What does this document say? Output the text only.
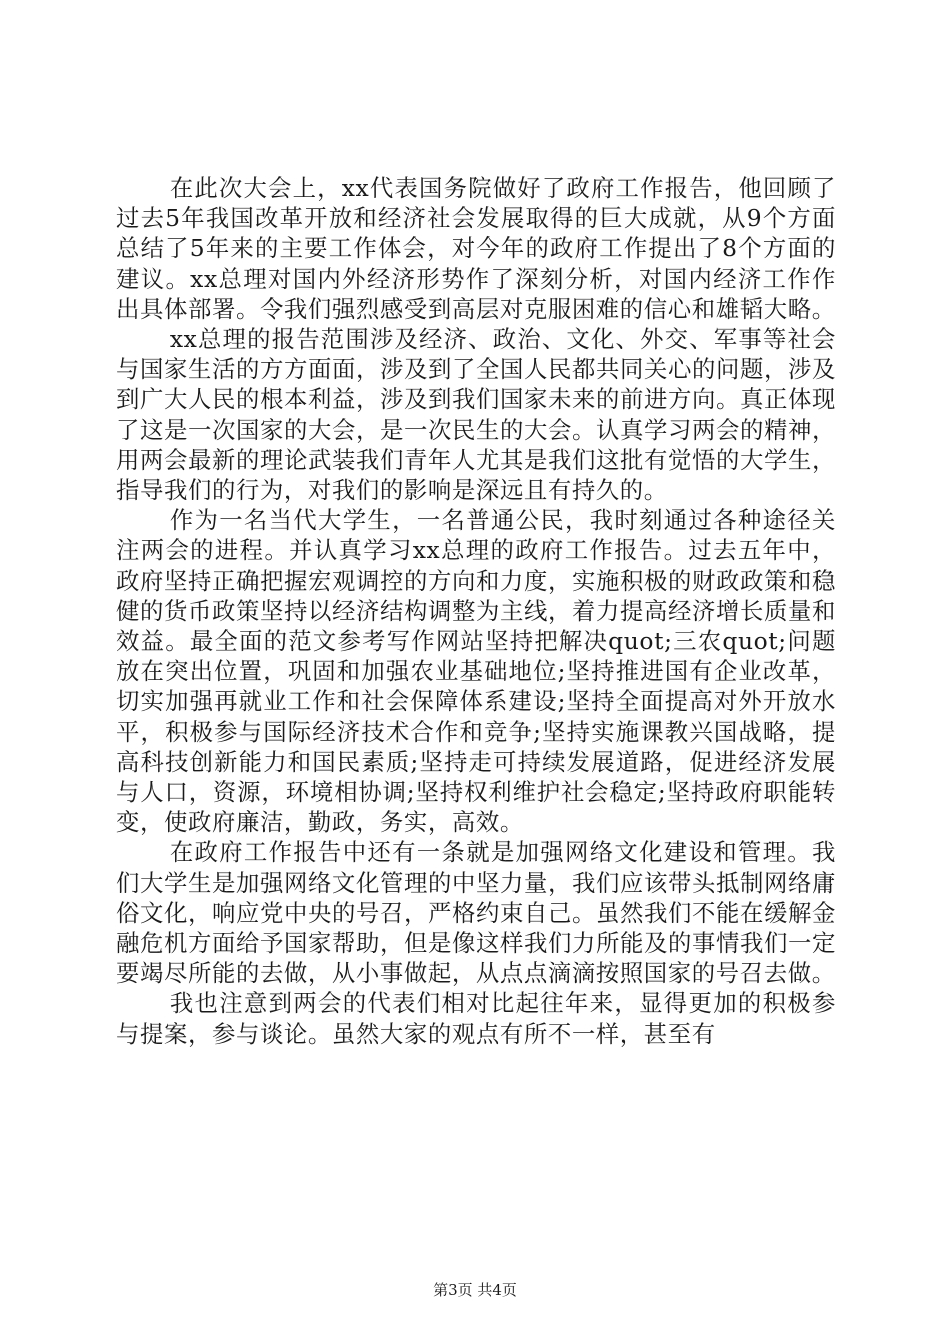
在此次大会上，xx代表国务院做好了政府工作报告，他回顾了过去5年我国改革开放和经济社会发展取得的巨大成就，从9个方面总结了5年来的主要工作体会，对今年的政府工作提出了8个方面的建议。xx总理对国内外经济形势作了深刻分析，对国内经济工作作出具体部署。令我们强烈感受到高层对克服困难的信心和雄韬大略。

xx总理的报告范围涉及经济、政治、文化、外交、军事等社会与国家生活的方方面面，涉及到了全国人民都共同关心的问题，涉及到广大人民的根本利益，涉及到我们国家未来的前进方向。真正体现了这是一次国家的大会，是一次民生的大会。认真学习两会的精神，用两会最新的理论武装我们青年人尤其是我们这批有觉悟的大学生，指导我们的行为，对我们的影响是深远且有持久的。

作为一名当代大学生，一名普通公民，我时刻通过各种途径关注两会的进程。并认真学习xx总理的政府工作报告。过去五年中，政府坚持正确把握宏观调控的方向和力度，实施积极的财政政策和稳健的货币政策坚持以经济结构调整为主线，着力提高经济增长质量和效益。最全面的范文参考写作网站坚持把解决quot;三农quot;问题放在突出位置，巩固和加强农业基础地位;坚持推进国有企业改革，切实加强再就业工作和社会保障体系建设;坚持全面提高对外开放水平，积极参与国际经济技术合作和竞争;坚持实施课教兴国战略，提高科技创新能力和国民素质;坚持走可持续发展道路，促进经济发展与人口，资源，环境相协调;坚持权利维护社会稳定;坚持政府职能转变，使政府廉洁，勤政，务实，高效。

在政府工作报告中还有一条就是加强网络文化建设和管理。我们大学生是加强网络文化管理的中坚力量，我们应该带头抵制网络庸俗文化，响应党中央的号召，严格约束自己。虽然我们不能在缓解金融危机方面给予国家帮助，但是像这样我们力所能及的事情我们一定要竭尽所能的去做，从小事做起，从点点滴滴按照国家的号召去做。

我也注意到两会的代表们相对比起往年来，显得更加的积极参与提案，参与谈论。虽然大家的观点有所不一样，甚至有

第3页 共4页
